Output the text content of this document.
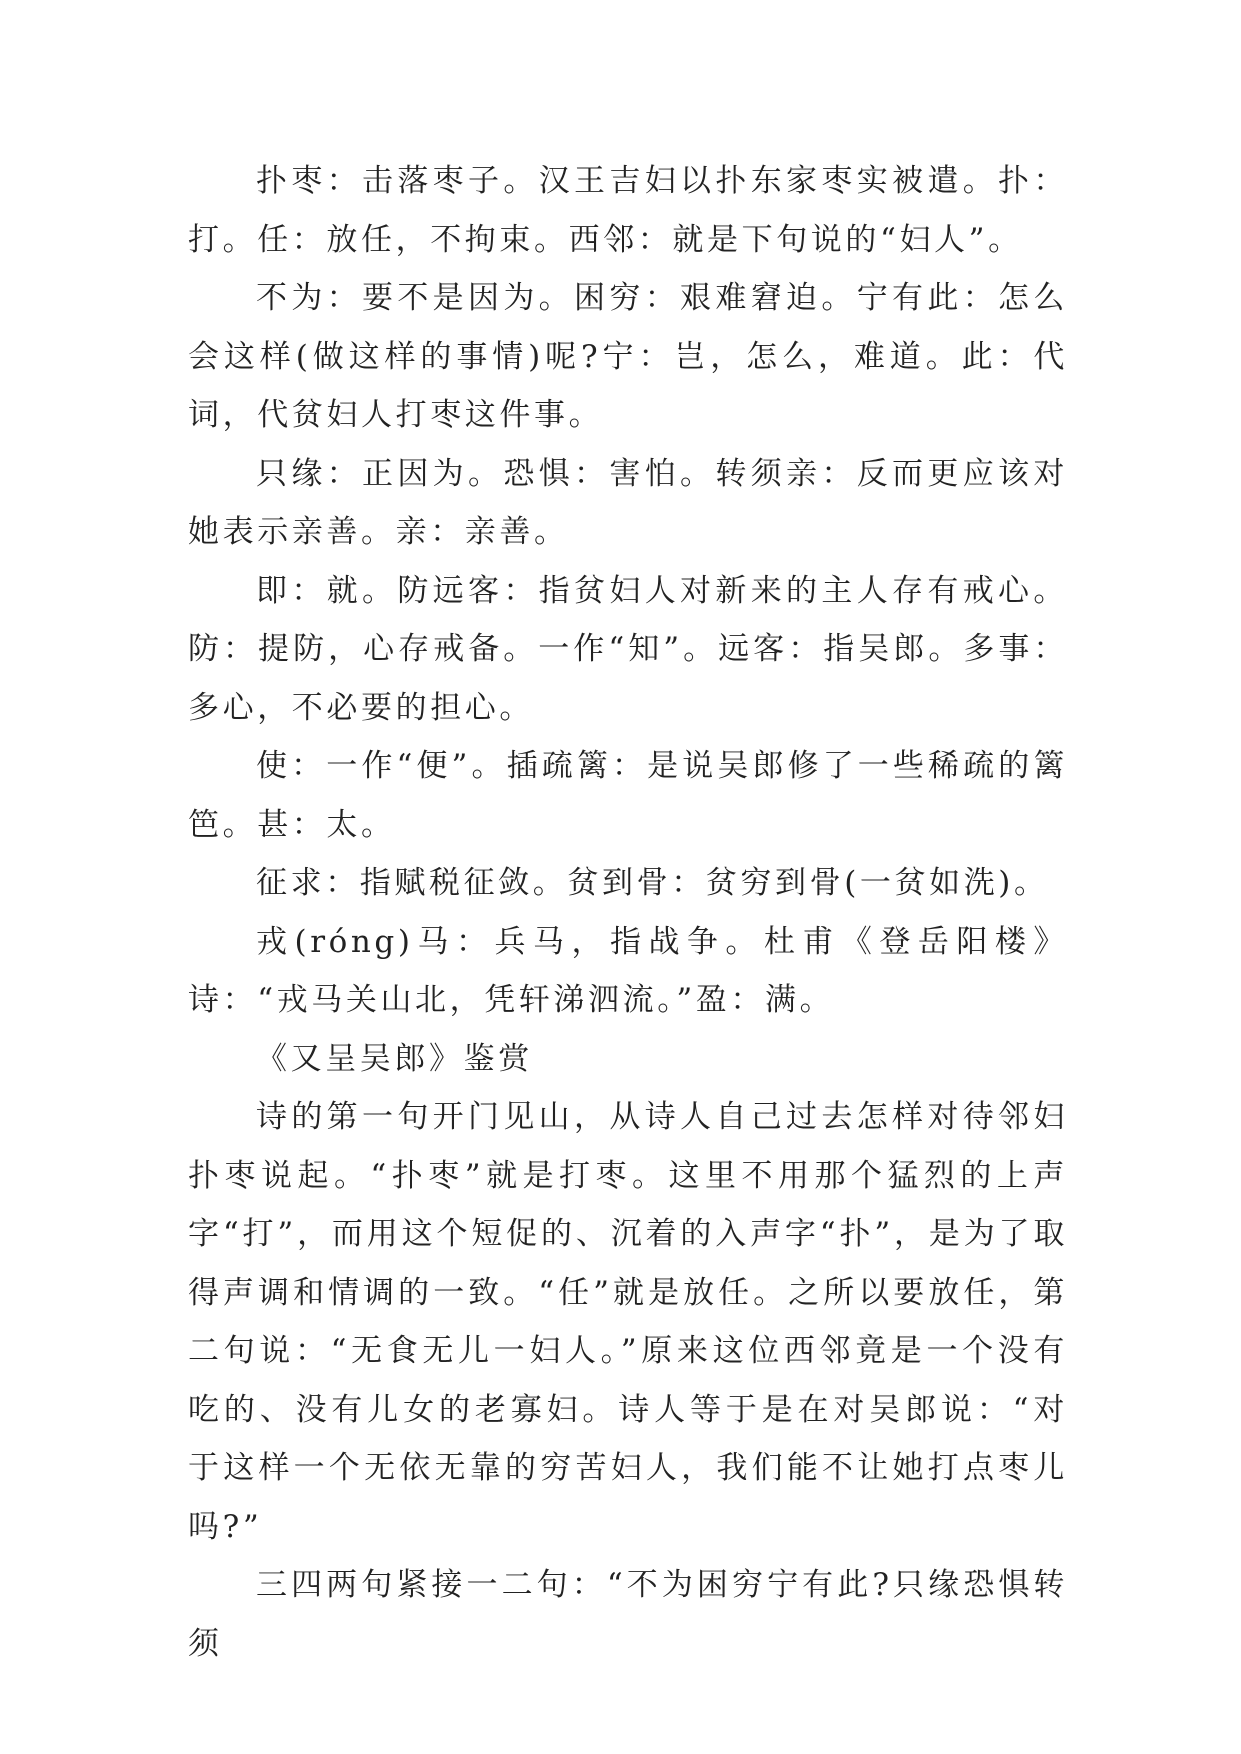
扑枣：击落枣子。汉王吉妇以扑东家枣实被遣。扑：打。任：放任，不拘束。西邻：就是下句说的“妇人”。

不为：要不是因为。困穷：艰难窘迫。宁有此：怎么会这样(做这样的事情)呢?宁：岂，怎么，难道。此：代词，代贫妇人打枣这件事。

只缘：正因为。恐惧：害怕。转须亲：反而更应该对她表示亲善。亲：亲善。

即：就。防远客：指贫妇人对新来的主人存有戒心。防：提防，心存戒备。一作“知”。远客：指吴郎。多事：多心，不必要的担心。

使：一作“便”。插疏篱：是说吴郎修了一些稀疏的篱笆。甚：太。

征求：指赋税征敛。贫到骨：贫穷到骨(一贫如洗)。

戎(róng)马：兵马，指战争。杜甫《登岳阳楼》诗：“戎马关山北，凭轩涕泗流。”盈：满。

《又呈吴郎》鉴赏

诗的第一句开门见山，从诗人自己过去怎样对待邻妇扑枣说起。“扑枣”就是打枣。这里不用那个猛烈的上声字“打”，而用这个短促的、沉着的入声字“扑”，是为了取得声调和情调的一致。“任”就是放任。之所以要放任，第二句说：“无食无儿一妇人。”原来这位西邻竟是一个没有吃的、没有儿女的老寡妇。诗人等于是在对吴郎说：“对于这样一个无依无靠的穷苦妇人，我们能不让她打点枣儿吗?”

三四两句紧接一二句：“不为困穷宁有此?只缘恐惧转须
